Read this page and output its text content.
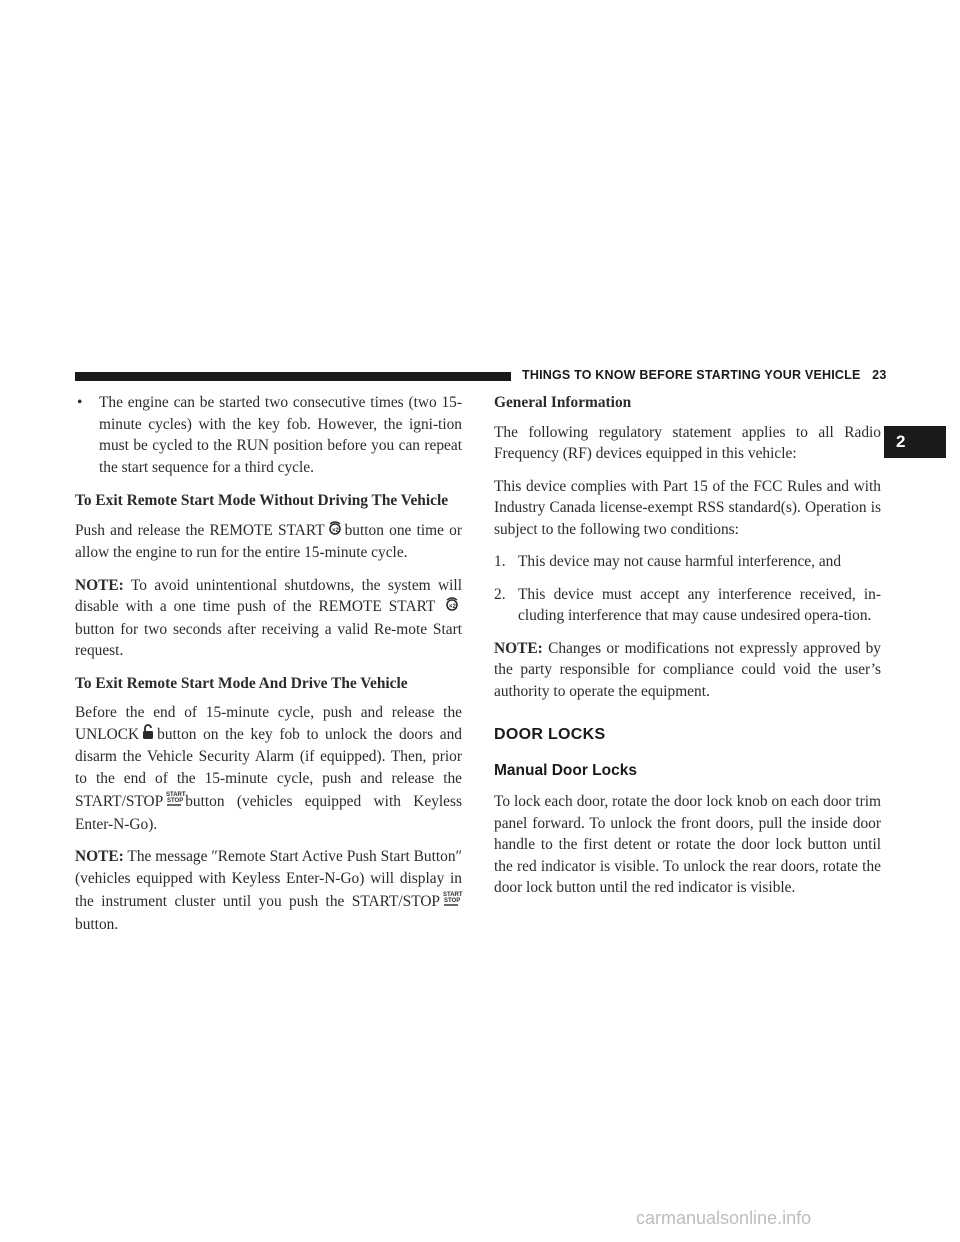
THINGS TO KNOW BEFORE STARTING YOUR VEHICLE 23
2
• The engine can be started two consecutive times (two 15-minute cycles) with the key fob. However, the igni-tion must be cycled to the RUN position before you can repeat the start sequence for a third cycle.
To Exit Remote Start Mode Without Driving The Vehicle

Push and release the REMOTE START ×2 button one time or allow the engine to run for the entire 15-minute cycle.

NOTE: To avoid unintentional shutdowns, the system will disable with a one time push of the REMOTE START ×2
button for two seconds after receiving a valid Re-mote Start request.

To Exit Remote Start Mode And Drive The Vehicle

Before the end of 15-minute cycle, push and release the UNLOCK button on the key fob to unlock the doors and disarm the Vehicle Security Alarm (if equipped). Then, prior to the end of the 15-minute cycle, push and release the START/STOP START
STOP button (vehicles equipped with Keyless Enter-N-Go).

NOTE: The message ″Remote Start Active Push Start Button″ (vehicles equipped with Keyless Enter-N-Go) will display in the instrument cluster until you push the START/STOP START
STOP
button.

General Information

The following regulatory statement applies to all Radio Frequency (RF) devices equipped in this vehicle:

This device complies with Part 15 of the FCC Rules and with Industry Canada license-exempt RSS standard(s). Operation is subject to the following two conditions:

1. This device may not cause harmful interference, and
2. This device must accept any interference received, in-cluding interference that may cause undesired opera-tion.

NOTE: Changes or modifications not expressly approved by the party responsible for compliance could void the user’s authority to operate the equipment.

DOOR LOCKS
Manual Door Locks

To lock each door, rotate the door lock knob on each door trim panel forward. To unlock the front doors, pull the inside door handle to the first detent or rotate the door lock button until the red indicator is visible. To unlock the rear doors, rotate the door lock button until the red indicator is visible.

carmanualsonline.info
